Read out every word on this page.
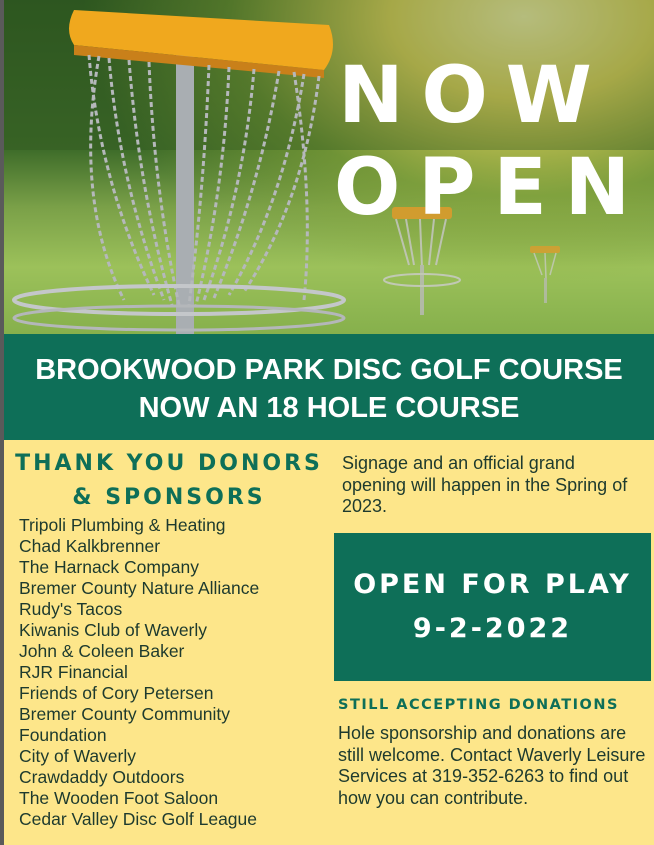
NOW
OPEN
BROOKWOOD PARK DISC GOLF COURSE
NOW AN 18 HOLE COURSE
THANK YOU DONORS
& SPONSORS
Tripoli Plumbing & Heating
Chad Kalkbrenner
The Harnack Company
Bremer County Nature Alliance
Rudy's Tacos
Kiwanis Club of Waverly
John & Coleen Baker
RJR Financial
Friends of Cory Petersen
Bremer County Community
Foundation
City of Waverly
Crawdaddy Outdoors
The Wooden Foot Saloon
Cedar Valley Disc Golf League
Signage and an official grand opening will happen in the Spring of 2023.
OPEN FOR PLAY
9-2-2022
STILL ACCEPTING DONATIONS
Hole sponsorship and donations are still welcome. Contact Waverly Leisure Services at 319-352-6263 to find out how you can contribute.
